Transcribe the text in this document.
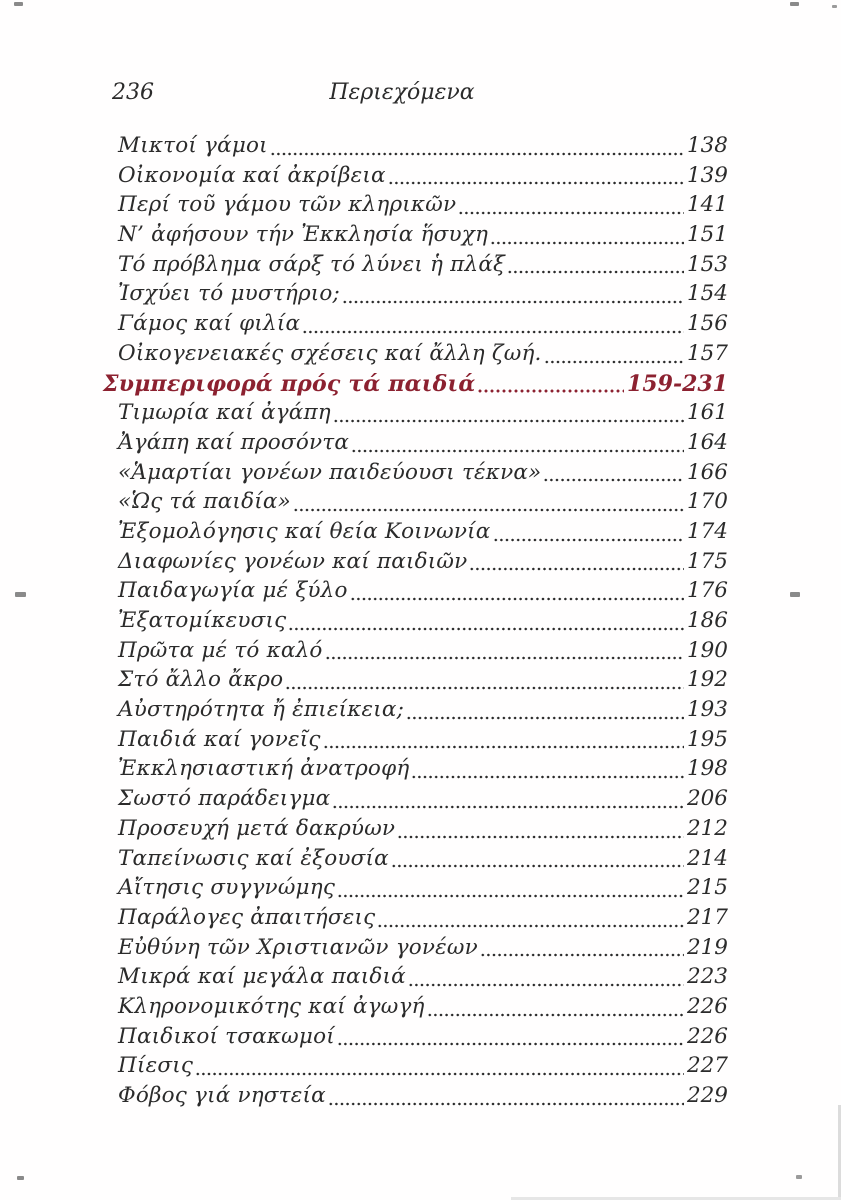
236	Περιεχόμενα
Μικτοί γάμοι	138
Οἰκονομία καί ἀκρίβεια	139
Περί τοῦ γάμου τῶν κληρικῶν	141
Ν’ ἀφήσουν τήν Ἐκκλησία ἥσυχη	151
Τό πρόβλημα σάρξ τό λύνει ἡ πλάξ	153
Ἰσχύει τό μυστήριο;	154
Γάμος καί φιλία	156
Οἰκογενειακές σχέσεις καί ἄλλη ζωή.	157
Συμπεριφορά πρός τά παιδιά	159-231
Τιμωρία καί ἀγάπη	161
Ἀγάπη καί προσόντα	164
«Ἁμαρτίαι γονέων παιδεύουσι τέκνα»	166
«Ὡς τά παιδία»	170
Ἐξομολόγησις καί θεία Κοινωνία	174
Διαφωνίες γονέων καί παιδιῶν	175
Παιδαγωγία μέ ξύλο	176
Ἐξατομίκευσις	186
Πρῶτα μέ τό καλό	190
Στό ἄλλο ἄκρο	192
Αὐστηρότητα ἤ ἐπιείκεια;	193
Παιδιά καί γονεῖς	195
Ἐκκλησιαστική ἀνατροφή	198
Σωστό παράδειγμα	206
Προσευχή μετά δακρύων	212
Ταπείνωσις καί ἐξουσία	214
Αἴτησις συγγνώμης	215
Παράλογες ἀπαιτήσεις	217
Εὐθύνη τῶν Χριστιανῶν γονέων	219
Μικρά καί μεγάλα παιδιά	223
Κληρονομικότης καί ἀγωγή	226
Παιδικοί τσακωμοί	226
Πίεσις	227
Φόβος γιά νηστεία	229
